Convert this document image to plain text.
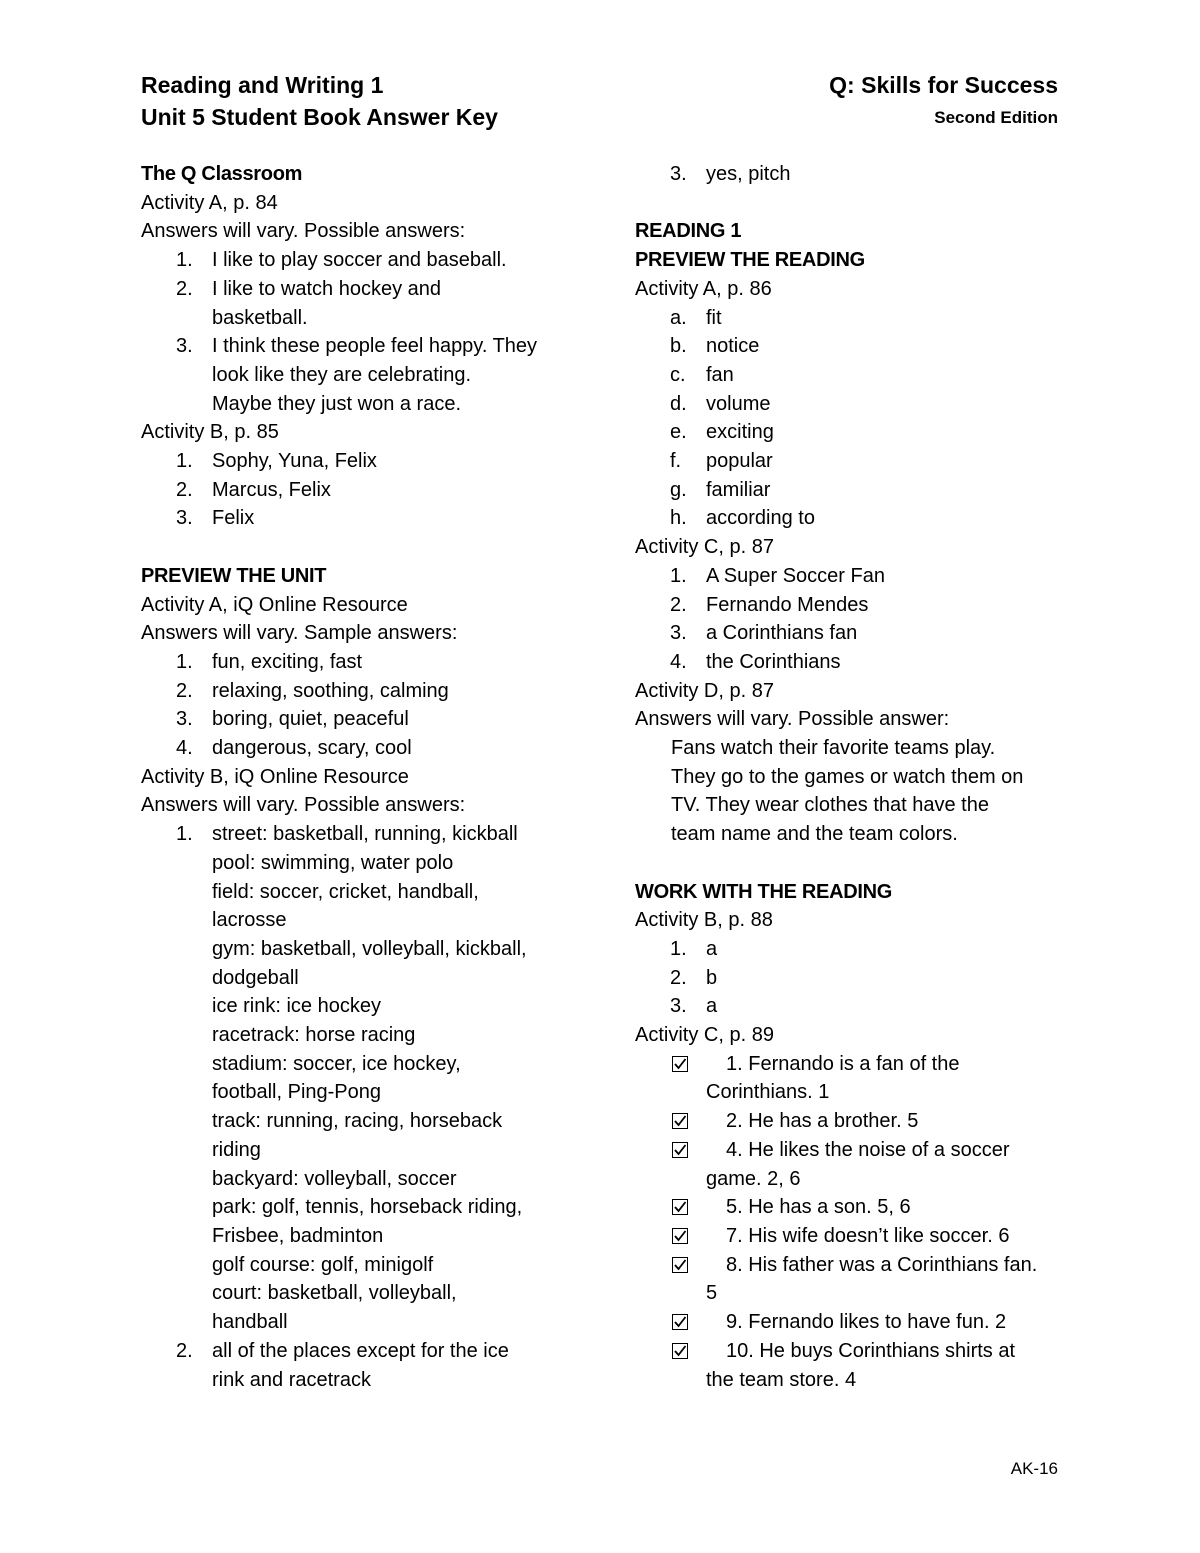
Reading and Writing 1
Unit 5 Student Book Answer Key
Q: Skills for Success
Second Edition
The Q Classroom
Activity A, p. 84
Answers will vary. Possible answers:
1. I like to play soccer and baseball.
2. I like to watch hockey and
basketball.
3. I think these people feel happy. They
look like they are celebrating.
Maybe they just won a race.
Activity B, p. 85
1. Sophy, Yuna, Felix
2. Marcus, Felix
3. Felix
PREVIEW THE UNIT
Activity A, iQ Online Resource
Answers will vary. Sample answers:
1. fun, exciting, fast
2. relaxing, soothing, calming
3. boring, quiet, peaceful
4. dangerous, scary, cool
Activity B, iQ Online Resource
Answers will vary. Possible answers:
1. street: basketball, running, kickball
pool: swimming, water polo
field: soccer, cricket, handball,
lacrosse
gym: basketball, volleyball, kickball,
dodgeball
ice rink: ice hockey
racetrack: horse racing
stadium: soccer, ice hockey,
football, Ping-Pong
track: running, racing, horseback
riding
backyard: volleyball, soccer
park: golf, tennis, horseback riding,
Frisbee, badminton
golf course: golf, minigolf
court: basketball, volleyball,
handball
2. all of the places except for the ice
rink and racetrack
3. yes, pitch
READING 1
PREVIEW THE READING
Activity A, p. 86
a. fit
b. notice
c.	fan
d. volume
e. exciting
f.	popular
g. familiar
h. according to
Activity C, p. 87
1. A Super Soccer Fan
2. Fernando Mendes
3. a Corinthians fan
4. the Corinthians
Activity D, p. 87
Answers will vary. Possible answer:
Fans watch their favorite teams play.
They go to the games or watch them on
TV. They wear clothes that have the
team name and the team colors.
WORK WITH THE READING
Activity B, p. 88
1. a
2. b
3. a
Activity C, p. 89
1. Fernando is a fan of the
Corinthians. 1
2. He has a brother. 5
4. He likes the noise of a soccer
game. 2, 6
5. He has a son. 5, 6
7. His wife doesn’t like soccer. 6
8. His father was a Corinthians fan.
5
9. Fernando likes to have fun. 2
10. He buys Corinthians shirts at
the team store. 4
AK-16
